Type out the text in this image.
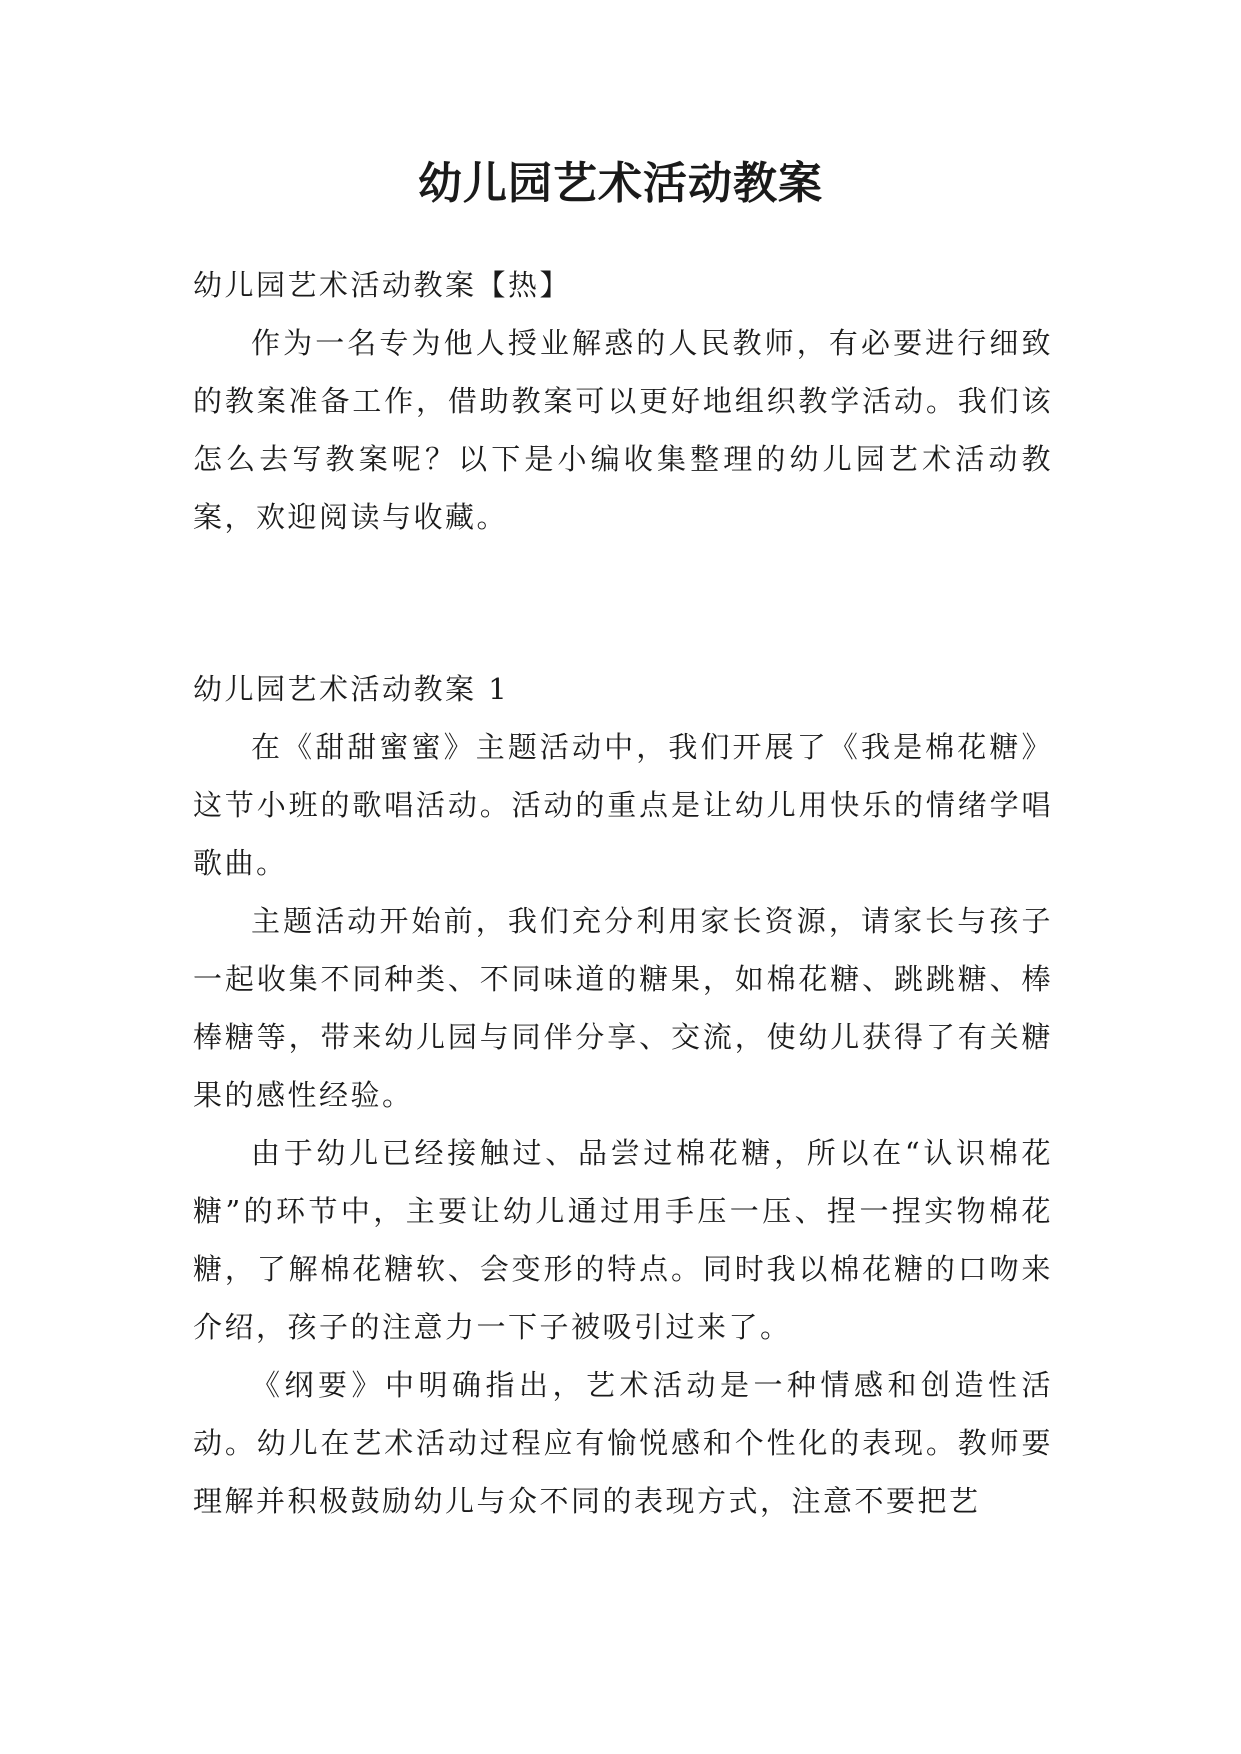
幼儿园艺术活动教案

幼儿园艺术活动教案【热】

作为一名专为他人授业解惑的人民教师，有必要进行细致的教案准备工作，借助教案可以更好地组织教学活动。我们该怎么去写教案呢？以下是小编收集整理的幼儿园艺术活动教案，欢迎阅读与收藏。

幼儿园艺术活动教案 1

在《甜甜蜜蜜》主题活动中，我们开展了《我是棉花糖》这节小班的歌唱活动。活动的重点是让幼儿用快乐的情绪学唱歌曲。

主题活动开始前，我们充分利用家长资源，请家长与孩子一起收集不同种类、不同味道的糖果，如棉花糖、跳跳糖、棒棒糖等，带来幼儿园与同伴分享、交流，使幼儿获得了有关糖果的感性经验。

由于幼儿已经接触过、品尝过棉花糖，所以在“认识棉花糖”的环节中，主要让幼儿通过用手压一压、捏一捏实物棉花糖，了解棉花糖软、会变形的特点。同时我以棉花糖的口吻来介绍，孩子的注意力一下子被吸引过来了。

《纲要》中明确指出，艺术活动是一种情感和创造性活动。幼儿在艺术活动过程应有愉悦感和个性化的表现。教师要理解并积极鼓励幼儿与众不同的表现方式，注意不要把艺
